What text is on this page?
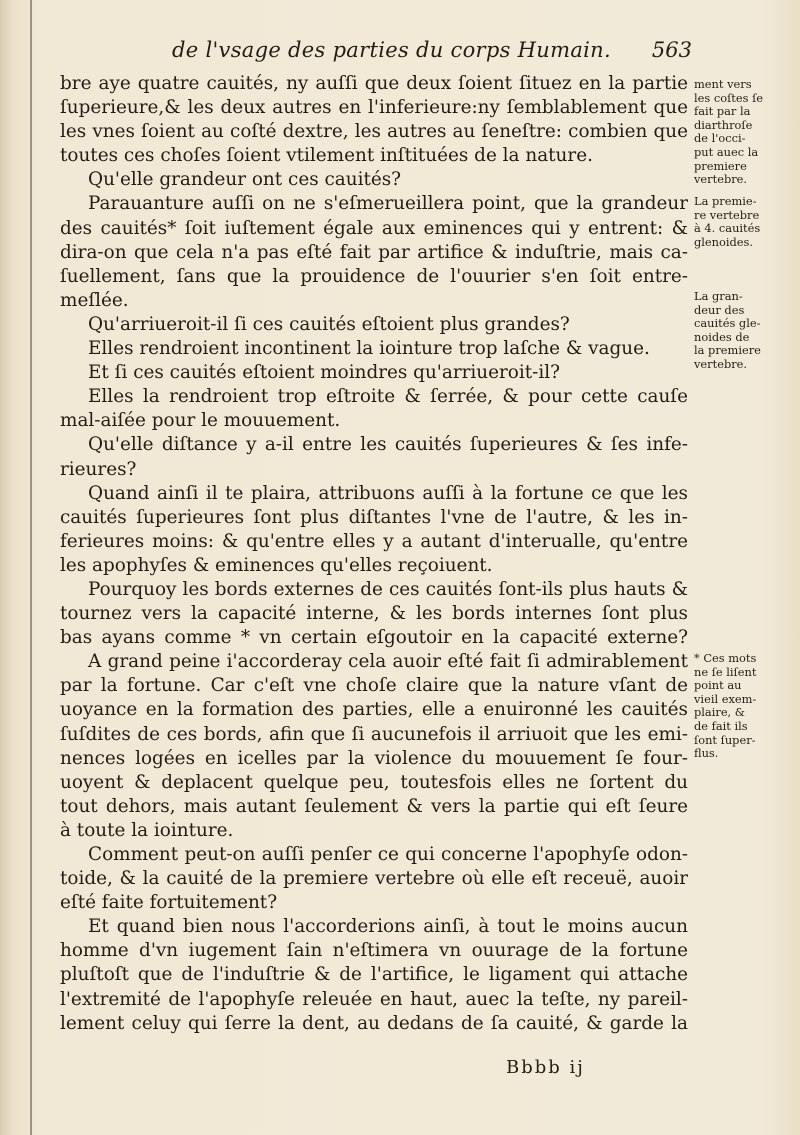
de l'vsage des parties du corps Humain. 563
bre aye quatre cauités, ny auſſi que deux ſoient ſituez en la partie
ſuperieure,& les deux autres en l'inferieure:ny ſemblablement que
les vnes ſoient au coſté dextre, les autres au ſeneſtre: combien que
toutes ces choſes ſoient vtilement inſtituées de la nature.
Qu'elle grandeur ont ces cauités?
Parauanture auſſi on ne s'eſmerueillera point, que la grandeur
des cauités* ſoit iuſtement égale aux eminences qui y entrent: &
dira-on que cela n'a pas eſté fait par artifice & induſtrie, mais ca-
ſuellement, ſans que la prouidence de l'ouurier s'en ſoit entre-
meſlée.
Qu'arriueroit-il ſi ces cauités eſtoient plus grandes?
Elles rendroient incontinent la iointure trop laſche & vague.
Et ſi ces cauités eſtoient moindres qu'arriueroit-il?
Elles la rendroient trop eſtroite & ſerrée, & pour cette cauſe
mal-aiſée pour le mouuement.
Qu'elle diſtance y a-il entre les cauités ſuperieures & ſes infe-
rieures?
Quand ainſi il te plaira, attribuons auſſi à la fortune ce que les
cauités ſuperieures ſont plus diſtantes l'vne de l'autre, & les in-
ferieures moins: & qu'entre elles y a autant d'interualle, qu'entre
les apophyſes & eminences qu'elles reçoiuent.
Pourquoy les bords externes de ces cauités ſont-ils plus hauts &
tournez vers la capacité interne, & les bords internes ſont plus
bas ayans comme * vn certain eſgoutoir en la capacité externe?
A grand peine i'accorderay cela auoir eſté fait ſi admirablement
par la fortune. Car c'eſt vne choſe claire que la nature vſant de
uoyance en la formation des parties, elle a enuironné les cauités
ſuſdites de ces bords, afin que ſi aucunefois il arriuoit que les emi-
nences logées en icelles par la violence du mouuement ſe four-
uoyent & deplacent quelque peu, toutesfois elles ne ſortent du
tout dehors, mais autant ſeulement & vers la partie qui eſt ſeure
à toute la iointure.
Comment peut-on auſſi penſer ce qui concerne l'apophyſe odon-
toide, & la cauité de la premiere vertebre où elle eſt receuë, auoir
eſté faite fortuitement?
Et quand bien nous l'accorderions ainſi, à tout le moins aucun
homme d'vn iugement ſain n'eſtimera vn ouurage de la fortune
pluſtoſt que de l'induſtrie & de l'artifice, le ligament qui attache
l'extremité de l'apophyſe releuée en haut, auec la teſte, ny pareil-
lement celuy qui ſerre la dent, au dedans de ſa cauité, & garde la
ment vers
les coſtes ſe
fait par la
diarthroſe
de l'occi-
put auec la
premiere
vertebre.
La premie-
re vertebre
à 4. cauités
glenoides.
La gran-
deur des
cauités gle-
noides de
la premiere
vertebre.
* Ces mots
ne ſe liſent
point au
vieil exem-
plaire, &
de fait ils
ſont ſuper-
flus.
Bbbb ij
